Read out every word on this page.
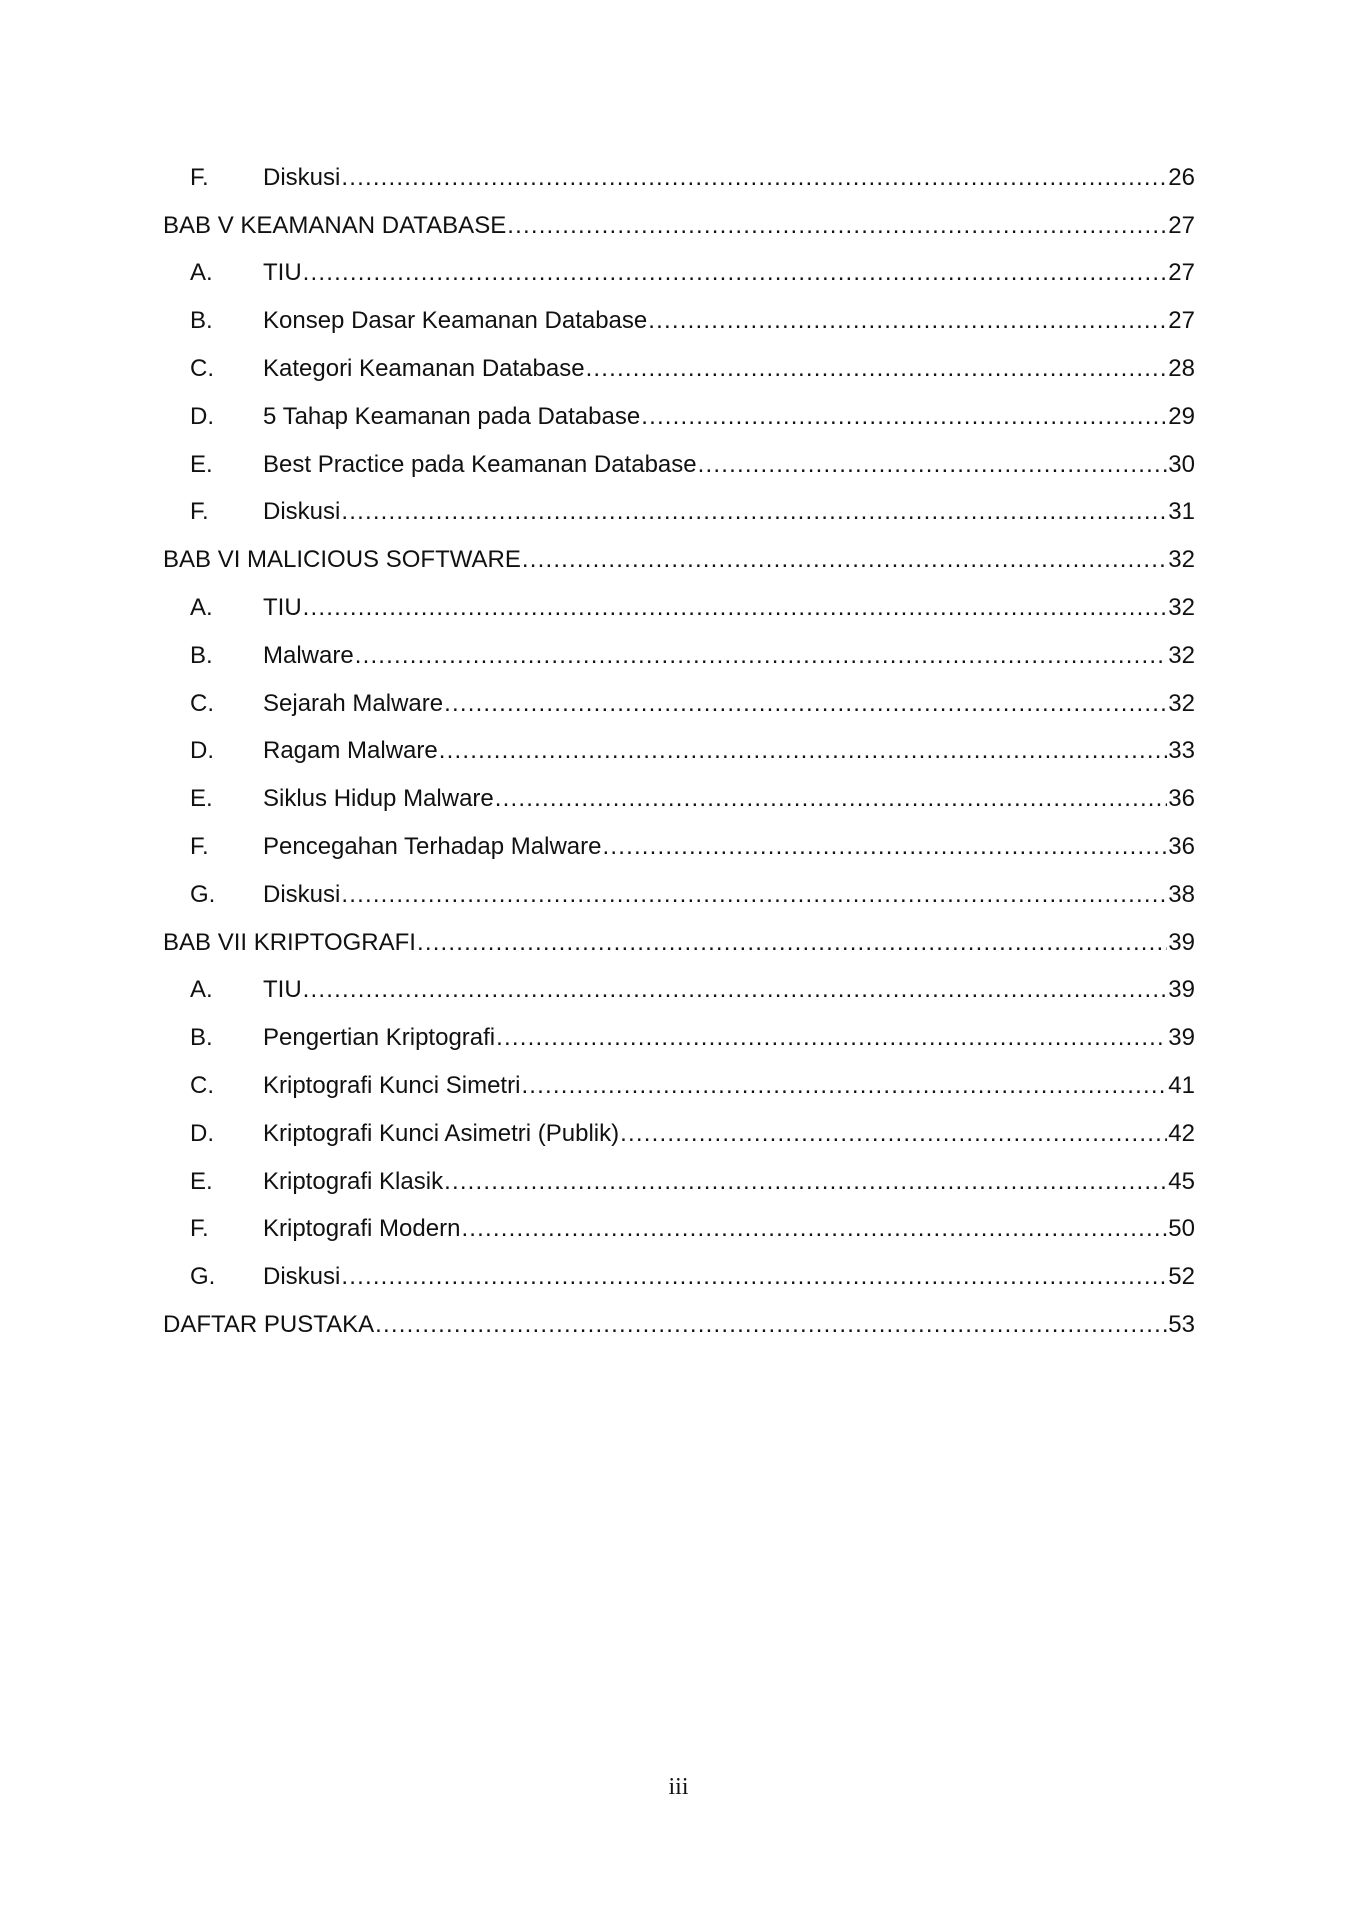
F. Diskusi .....	26
BAB V KEAMANAN DATABASE .....	27
A. TIU .....	27
B. Konsep Dasar Keamanan Database .....	27
C. Kategori Keamanan Database .....	28
D. 5 Tahap Keamanan pada Database .....	29
E. Best Practice pada Keamanan Database .....	30
F. Diskusi .....	31
BAB VI MALICIOUS SOFTWARE .....	32
A. TIU .....	32
B. Malware .....	32
C. Sejarah Malware .....	32
D. Ragam Malware .....	33
E. Siklus Hidup Malware .....	36
F. Pencegahan Terhadap Malware .....	36
G. Diskusi .....	38
BAB VII KRIPTOGRAFI .....	39
A. TIU .....	39
B. Pengertian Kriptografi .....	39
C. Kriptografi Kunci Simetri .....	41
D. Kriptografi Kunci Asimetri (Publik) .....	42
E. Kriptografi Klasik .....	45
F. Kriptografi Modern .....	50
G. Diskusi .....	52
DAFTAR PUSTAKA .....	53
iii
